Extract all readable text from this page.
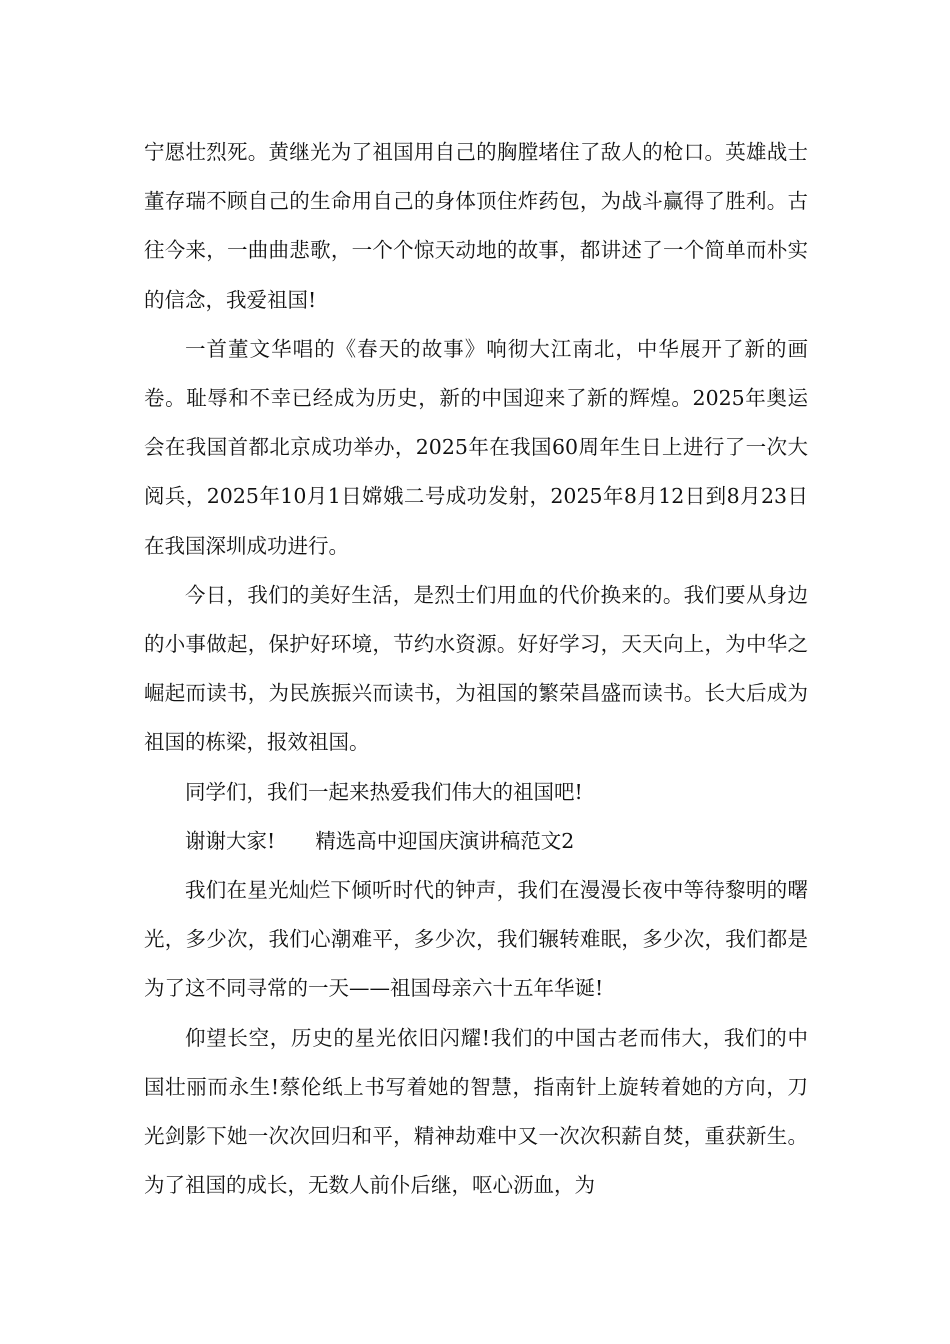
宁愿壮烈死。黄继光为了祖国用自己的胸膛堵住了敌人的枪口。英雄战士董存瑞不顾自己的生命用自己的身体顶住炸药包，为战斗赢得了胜利。古往今来，一曲曲悲歌，一个个惊天动地的故事，都讲述了一个简单而朴实的信念，我爱祖国!

一首董文华唱的《春天的故事》响彻大江南北，中华展开了新的画卷。耻辱和不幸已经成为历史，新的中国迎来了新的辉煌。2025年奥运会在我国首都北京成功举办，2025年在我国60周年生日上进行了一次大阅兵，2025年10月1日嫦娥二号成功发射，2025年8月12日到8月23日在我国深圳成功进行。

今日，我们的美好生活，是烈士们用血的代价换来的。我们要从身边的小事做起，保护好环境，节约水资源。好好学习，天天向上，为中华之崛起而读书，为民族振兴而读书，为祖国的繁荣昌盛而读书。长大后成为祖国的栋梁，报效祖国。

同学们，我们一起来热爱我们伟大的祖国吧!

谢谢大家! 精选高中迎国庆演讲稿范文2

我们在星光灿烂下倾听时代的钟声，我们在漫漫长夜中等待黎明的曙光，多少次，我们心潮难平，多少次，我们辗转难眠，多少次，我们都是为了这不同寻常的一天——祖国母亲六十五年华诞!

仰望长空，历史的星光依旧闪耀!我们的中国古老而伟大，我们的中国壮丽而永生!蔡伦纸上书写着她的智慧，指南针上旋转着她的方向，刀光剑影下她一次次回归和平，精神劫难中又一次次积薪自焚，重获新生。为了祖国的成长，无数人前仆后继，呕心沥血，为
